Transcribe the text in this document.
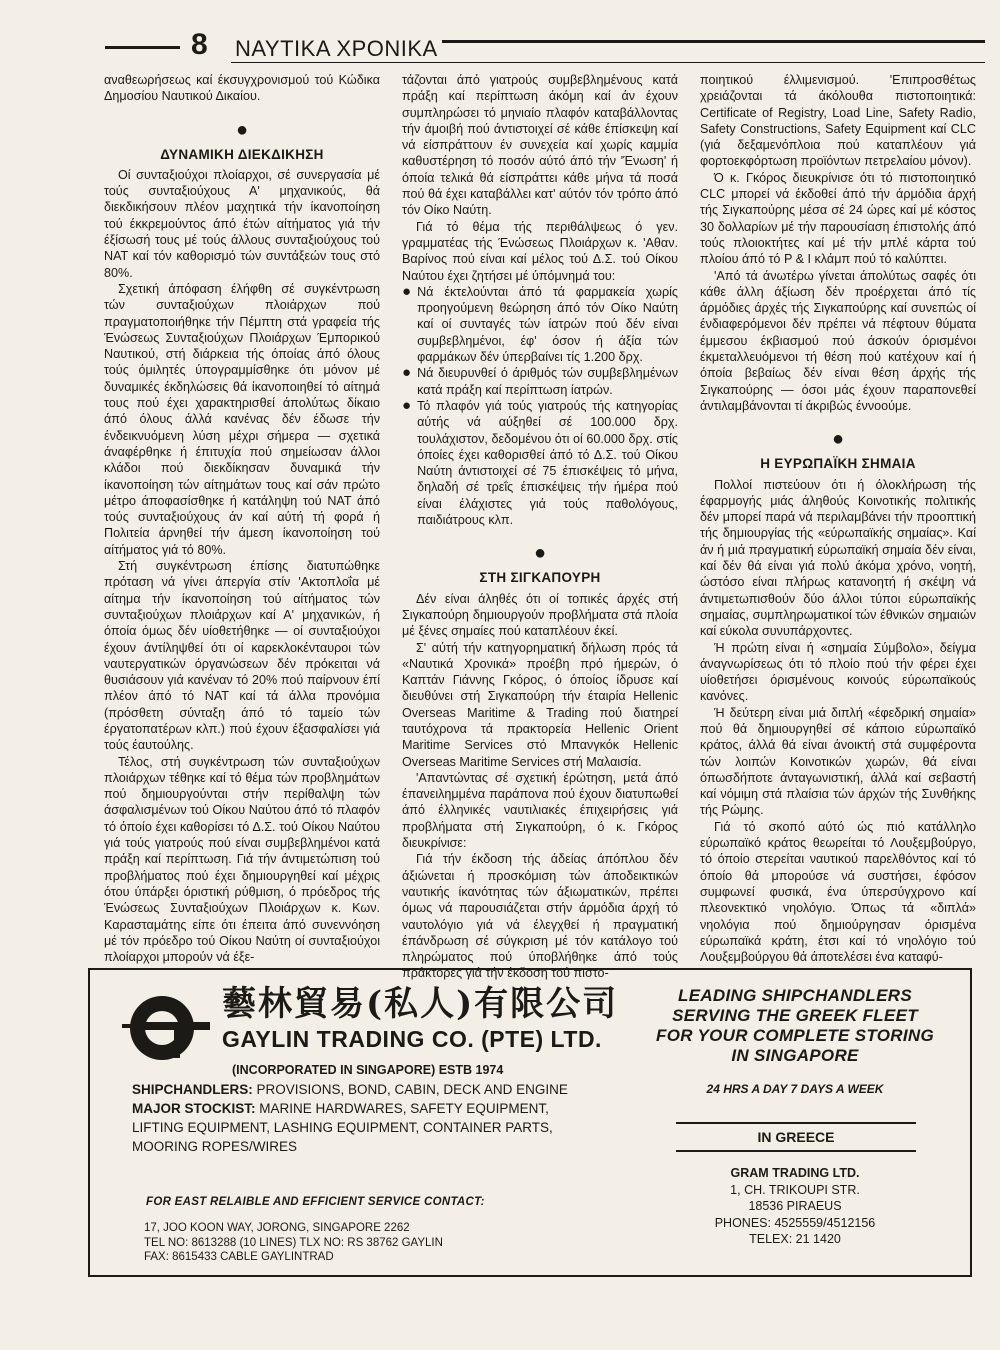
8 ΝΑΥΤΙΚΑ ΧΡΟΝΙΚΑ

αναθεωρήσεως καί έκσυγχρονισμού τού Κώδικα Δημοσίου Ναυτικού Δικαίου.

●
ΔΥΝΑΜΙΚΗ ΔΙΕΚΔΙΚΗΣΗ

Οί συνταξιούχοι πλοίαρχοι, σέ συνεργασία μέ τούς συνταξιούχους Α' μηχανικούς, θά διεκδικήσουν πλέον μαχητικά τήν ίκανοποίηση τού έκκρεμούντος άπό έτών αίτήματος γιά τήν έξίσωσή τους μέ τούς άλλους συνταξιούχους τού ΝΑΤ καί τόν καθορισμό τών συντάξεών τους στό 80%.

Σχετική άπόφαση έλήφθη σέ συγκέντρωση τών συνταξιούχων πλοιάρχων πού πραγματοποιήθηκε τήν Πέμπτη στά γραφεία τής Ένώσεως Συνταξιούχων Πλοιάρχων Έμπορικού Ναυτικού, στή διάρκεια τής όποίας άπό όλους τούς όμιλητές ύπογραμμίσθηκε ότι μόνον μέ δυναμικές έκδηλώσεις θά ίκανοποιηθεί τό αίτημά τους πού έχει χαρακτηρισθεί άπολύτως δίκαιο άπό όλους άλλά κανένας δέν έδωσε τήν ένδεικνυόμενη λύση μέχρι σήμερα — σχετικά άναφέρθηκε ή έπιτυχία πού σημείωσαν άλλοι κλάδοι πού διεκδίκησαν δυναμικά τήν ίκανοποίηση τών αίτημάτων τους καί σάν πρώτο μέτρο άποφασίσθηκε ή κατάληψη τού ΝΑΤ άπό τούς συνταξιούχους άν καί αύτή τή φορά ή Πολιτεία άρνηθεί τήν άμεση ίκανοποίηση τού αίτήματος γιά τό 80%.

Στή συγκέντρωση έπίσης διατυπώθηκε πρόταση νά γίνει άπεργία στίν 'Ακτοπλοΐα μέ αίτημα τήν ίκανοποίηση τού αίτήματος τών συνταξιούχων πλοιάρχων καί Α' μηχανικών, ή όποία όμως δέν υίοθετήθηκε — οί συνταξιούχοι έχουν άντίληψθεί ότι οί καρεκλοκένταυροι τών ναυτεργατικών όργανώσεων δέν πρόκειται νά θυσιάσουν γιά κανέναν τό 20% πού παίρνουν έπί πλέον άπό τό ΝΑΤ καί τά άλλα προνόμια (πρόσθετη σύνταξη άπό τό ταμείο τών έργατοπατέρων κλπ.) πού έχουν έξασφαλίσει γιά τούς έαυτούλης.

Τέλος, στή συγκέντρωση τών συνταξιούχων πλοιάρχων τέθηκε καί τό θέμα τών προβλημάτων πού δημιουργούνται στήν περίθαλψη τών άσφαλισμένων τού Οίκου Ναύτου άπό τό πλαφόν τό όποίο έχει καθορίσει τό Δ.Σ. τού Οίκου Ναύτου γιά τούς γιατρούς πού είναι συμβεβλημένοι κατά πράξη καί περίπτωση. Γιά τήν άντιμετώπιση τού προβλήματος πού έχει δημιουργηθεί καί μέχρις ότου ύπάρξει όριστική ρύθμιση, ό πρόεδρος τής Ένώσεως Συνταξιούχων Πλοιάρχων κ. Κων. Καρασταμάτης είπε ότι έπειτα άπό συνεννόηση μέ τόν πρόεδρο τού Οίκου Ναύτη οί συνταξιούχοι πλοίαρχοι μπορούν νά έξε-

τάζονται άπό γιατρούς συμβεβλημένους κατά πράξη καί περίπτωση άκόμη καί άν έχουν συμπληρώσει τό μηνιαίο πλαφόν καταβάλλοντας τήν άμοιβή πού άντιστοιχεί σέ κάθε έπίσκεψη καί νά είσπράττουν έν συνεχεία καί χωρίς καμμία καθυστέρηση τό ποσόν αύτό άπό τήν 'Ένωση' ή όποία τελικά θά είσπράττει κάθε μήνα τά ποσά πού θά έχει καταβάλλει κατ' αύτόν τόν τρόπο άπό τόν Οίκο Ναύτη.

Γιά τό θέμα τής περιθάλψεως ό γεν. γραμματέας τής Ένώσεως Πλοιάρχων κ. 'Αθαν. Βαρίνος πού είναι καί μέλος τού Δ.Σ. τού Οίκου Ναύτου έχει ζητήσει μέ ύπόμνημά του:

● Νά έκτελούνται άπό τά φαρμακεία χωρίς προηγούμενη θεώρηση άπό τόν Οίκο Ναύτη καί οί συνταγές τών ίατρών πού δέν είναι συμβεβλημένοι, έφ' όσον ή άξία τών φαρμάκων δέν ύπερβαίνει τίς 1.200 δρχ.

● Νά διευρυνθεί ό άριθμός τών συμβεβλημένων κατά πράξη καί περίπτωση ίατρών.

● Τό πλαφόν γιά τούς γιατρούς τής κατηγορίας αύτής νά αύξηθεί σέ 100.000 δρχ. τουλάχιστον, δεδομένου ότι οί 60.000 δρχ. στίς όποίες έχει καθορισθεί άπό τό Δ.Σ. τού Οίκου Ναύτη άντιστοιχεί σέ 75 έπισκέψεις τό μήνα, δηλαδή σέ τρεΐς έπισκέψεις τήν ήμέρα πού είναι έλάχιστες γιά τούς παθολόγους, παιδιάτρους κλπ.

●
ΣΤΗ ΣΙΓΚΑΠΟΥΡΗ

Δέν είναι άληθές ότι οί τοπικές άρχές στή Σιγκαπούρη δημιουργούν προβλήματα στά πλοία μέ ξένες σημαίες πού καταπλέουν έκεί.

Σ' αύτή τήν κατηγορηματική δήλωση πρός τά «Ναυτικά Χρονικά» προέβη πρό ήμερών, ό Καπτάν Γιάννης Γκόρος, ό όποίος ίδρυσε καί διευθύνει στή Σιγκαπούρη τήν έταιρία Hellenic Overseas Maritime & Trading πού διατηρεί ταυτόχρονα τά πρακτορεία Hellenic Orient Maritime Services στό Μπανγκόκ Hellenic Overseas Maritime Services στή Μαλαισία.

'Απαντώντας σέ σχετική έρώτηση, μετά άπό έπανειλημμένα παράπονα πού έχουν διατυπωθεί άπό έλληνικές ναυτιλιακές έπιχειρήσεις γιά προβλήματα στή Σιγκαπούρη, ό κ. Γκόρος διευκρίνισε:

Γιά τήν έκδοση τής άδείας άπόπλου δέν άξιώνεται ή προσκόμιση τών άποδεικτικών ναυτικής ίκανότητας τών άξιωματικών, πρέπει όμως νά παρουσιάζεται στήν άρμόδια άρχή τό ναυτολόγιο γιά νά έλεγχθεί ή πραγματική έπάνδρωση σέ σύγκριση μέ τόν κατάλογο τού πληρώματος πού ύποβλήθηκε άπό τούς πράκτορες γιά τήν έκδοση τού πιστο-

ποιητικού έλλιμενισμού. 'Επιπροσθέτως χρειάζονται τά άκόλουθα πιστοποιητικά: Certificate of Registry, Load Line, Safety Radio, Safety Constructions, Safety Equipment καί CLC (γιά δεξαμενόπλοια πού καταπλέουν γιά φορτοεκφόρτωση προϊόντων πετρελαίου μόνον).

Ό κ. Γκόρος διευκρίνισε ότι τό πιστοποιητικό CLC μπορεί νά έκδοθεί άπό τήν άρμόδια άρχή τής Σιγκαπούρης μέσα σέ 24 ώρες καί μέ κόστος 30 δολλαρίων μέ τήν παρουσίαση έπιστολής άπό τούς πλοιοκτήτες καί μέ τήν μπλέ κάρτα τού πλοίου άπό τό P & I κλάμπ πού τό καλύπτει.

'Από τά άνωτέρω γίνεται άπολύτως σαφές ότι κάθε άλλη άξίωση δέν προέρχεται άπό τίς άρμόδιες άρχές τής Σιγκαπούρης καί συνεπώς οί ένδιαφερόμενοι δέν πρέπει νά πέφτουν θύματα έμμεσου έκβιασμού πού άσκούν όρισμένοι έκμεταλλευόμενοι τή θέση πού κατέχουν καί ή όποία βεβαίως δέν είναι θέση άρχής τής Σιγκαπούρης — όσοι μάς έχουν παραπονεθεί άντιλαμβάνονται τί άκριβώς έννοούμε.

●
Η ΕΥΡΩΠΑΪΚΗ ΣΗΜΑΙΑ

Πολλοί πιστεύουν ότι ή όλοκλήρωση τής έφαρμογής μιάς άληθούς Κοινοτικής πολιτικής δέν μπορεί παρά νά περιλαμβάνει τήν προοπτική τής δημιουργίας τής «εύρωπαϊκής σημαίας». Καί άν ή μιά πραγματική εύρωπαϊκή σημαία δέν είναι, καί δέν θά είναι γιά πολύ άκόμα χρόνο, νοητή, ώστόσο είναι πλήρως κατανοητή ή σκέψη νά άντιμετωπισθούν δύο άλλοι τύποι εύρωπαϊκής σημαίας, συμπληρωματικοί τών έθνικών σημαιών καί εύκολα συνυπάρχοντες.

Ή πρώτη είναι ή «σημαία Σύμβολο», δείγμα άναγνωρίσεως ότι τό πλοίο πού τήν φέρει έχει υίοθετήσει όρισμένους κοινούς εύρωπαϊκούς κανόνες.

Ή δεύτερη είναι μιά διπλή «έφεδρική σημαία» πού θά δημιουργηθεί σέ κάποιο εύρωπαϊκό κράτος, άλλά θά είναι άνοικτή στά συμφέροντα τών λοιπών Κοινοτικών χωρών, θά είναι όπωσδήποτε άνταγωνιστική, άλλά καί σεβαστή καί νόμιμη στά πλαίσια τών άρχών τής Συνθήκης τής Ρώμης.

Γιά τό σκοπό αύτό ώς πιό κατάλληλο εύρωπαϊκό κράτος θεωρείται τό Λουξεμβούργο, τό όποίο στερείται ναυτικού παρελθόντος καί τό όποίο θά μπορούσε νά συστήσει, έφόσον συμφωνεί φυσικά, ένα ύπερσύγχρονο καί πλεονεκτικό νηολόγιο. Όπως τά «διπλά» νηολόγια πού δημιούργησαν όρισμένα εύρωπαϊκά κράτη, έτσι καί τό νηολόγιο τού Λουξεμβούργου θά άποτελέσει ένα καταφύ-

藝林貿易(私人)有限公司
GAYLIN TRADING CO. (PTE) LTD.
(INCORPORATED IN SINGAPORE) ESTB 1974
SHIPCHANDLERS: PROVISIONS, BOND, CABIN, DECK AND ENGINE
MAJOR STOCKIST: MARINE HARDWARES, SAFETY EQUIPMENT,
LIFTING EQUIPMENT, LASHING EQUIPMENT, CONTAINER PARTS, MOORING ROPES/WIRES
FOR EAST RELAIBLE AND EFFICIENT SERVICE CONTACT:
17, JOO KOON WAY, JORONG, SINGAPORE 2262
TEL NO: 8613288 (10 LINES) TLX NO: RS 38762 GAYLIN
FAX: 8615433 CABLE GAYLINTRAD
LEADING SHIPCHANDLERS
SERVING THE GREEK FLEET
FOR YOUR COMPLETE STORING
IN SINGAPORE
24 HRS A DAY 7 DAYS A WEEK
IN GREECE
GRAM TRADING LTD.
1, CH. TRIKOUPI STR.
18536 PIRAEUS
PHONES: 4525559/4512156
TELEX: 21 1420
